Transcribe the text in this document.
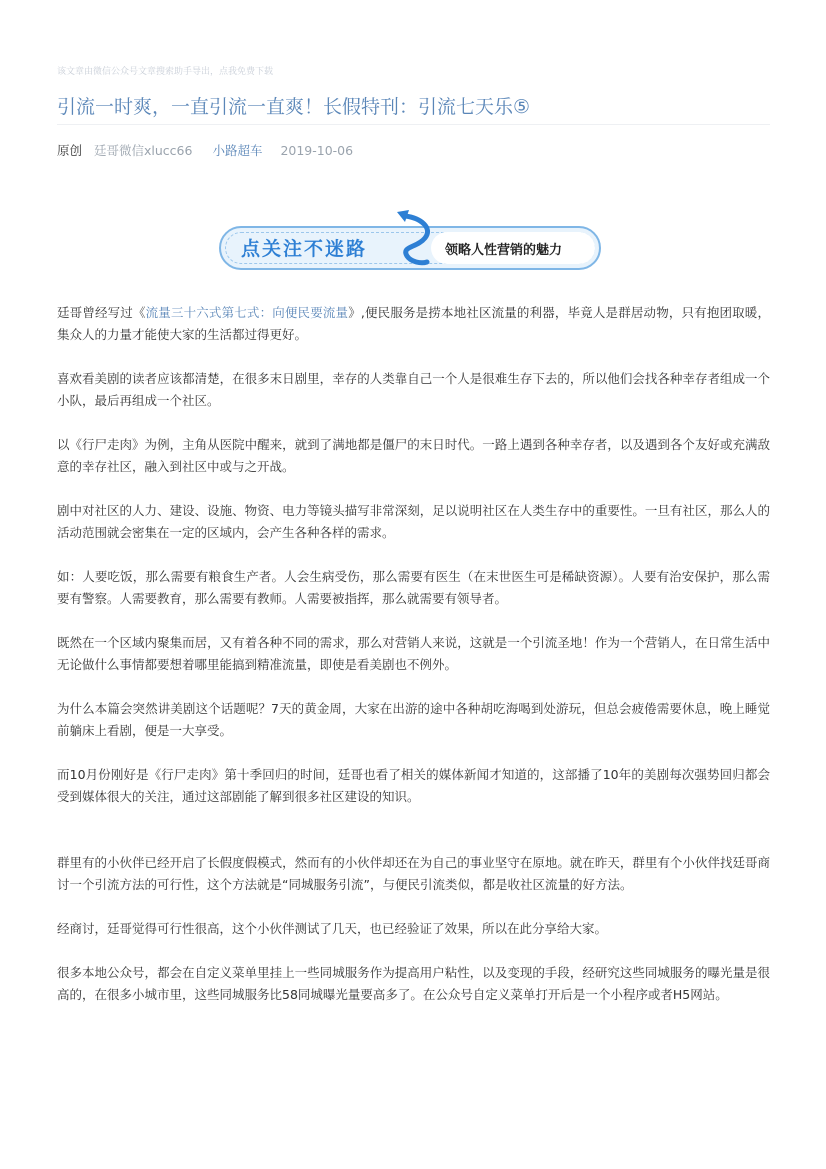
该文章由微信公众号文章搜索助手导出，点我免费下载
引流一时爽，一直引流一直爽！长假特刊：引流七天乐⑤
原创 廷哥微信xlucc66 小路超车 2019-10-06
点关注不迷路	领略人性营销的魅力

廷哥曾经写过《流量三十六式第七式：向便民要流量》,便民服务是捞本地社区流量的利器，毕竟人是群居动物，只有抱团取暖，集众人的力量才能使大家的生活都过得更好。

喜欢看美剧的读者应该都清楚，在很多末日剧里，幸存的人类靠自己一个人是很难生存下去的，所以他们会找各种幸存者组成一个小队，最后再组成一个社区。

以《行尸走肉》为例，主角从医院中醒来，就到了满地都是僵尸的末日时代。一路上遇到各种幸存者，以及遇到各个友好或充满敌意的幸存社区，融入到社区中或与之开战。

剧中对社区的人力、建设、设施、物资、电力等镜头描写非常深刻，足以说明社区在人类生存中的重要性。一旦有社区，那么人的活动范围就会密集在一定的区域内，会产生各种各样的需求。

如：人要吃饭，那么需要有粮食生产者。人会生病受伤，那么需要有医生（在末世医生可是稀缺资源）。人要有治安保护，那么需要有警察。人需要教育，那么需要有教师。人需要被指挥，那么就需要有领导者。

既然在一个区域内聚集而居，又有着各种不同的需求，那么对营销人来说，这就是一个引流圣地！作为一个营销人，在日常生活中无论做什么事情都要想着哪里能搞到精准流量，即使是看美剧也不例外。

为什么本篇会突然讲美剧这个话题呢？7天的黄金周，大家在出游的途中各种胡吃海喝到处游玩，但总会疲倦需要休息，晚上睡觉前躺床上看剧，便是一大享受。

而10月份刚好是《行尸走肉》第十季回归的时间，廷哥也看了相关的媒体新闻才知道的，这部播了10年的美剧每次强势回归都会受到媒体很大的关注，通过这部剧能了解到很多社区建设的知识。

群里有的小伙伴已经开启了长假度假模式，然而有的小伙伴却还在为自己的事业坚守在原地。就在昨天，群里有个小伙伴找廷哥商讨一个引流方法的可行性，这个方法就是“同城服务引流”，与便民引流类似，都是收社区流量的好方法。

经商讨，廷哥觉得可行性很高，这个小伙伴测试了几天，也已经验证了效果，所以在此分享给大家。

很多本地公众号，都会在自定义菜单里挂上一些同城服务作为提高用户粘性，以及变现的手段，经研究这些同城服务的曝光量是很高的，在很多小城市里，这些同城服务比58同城曝光量要高多了。在公众号自定义菜单打开后是一个小程序或者H5网站。
